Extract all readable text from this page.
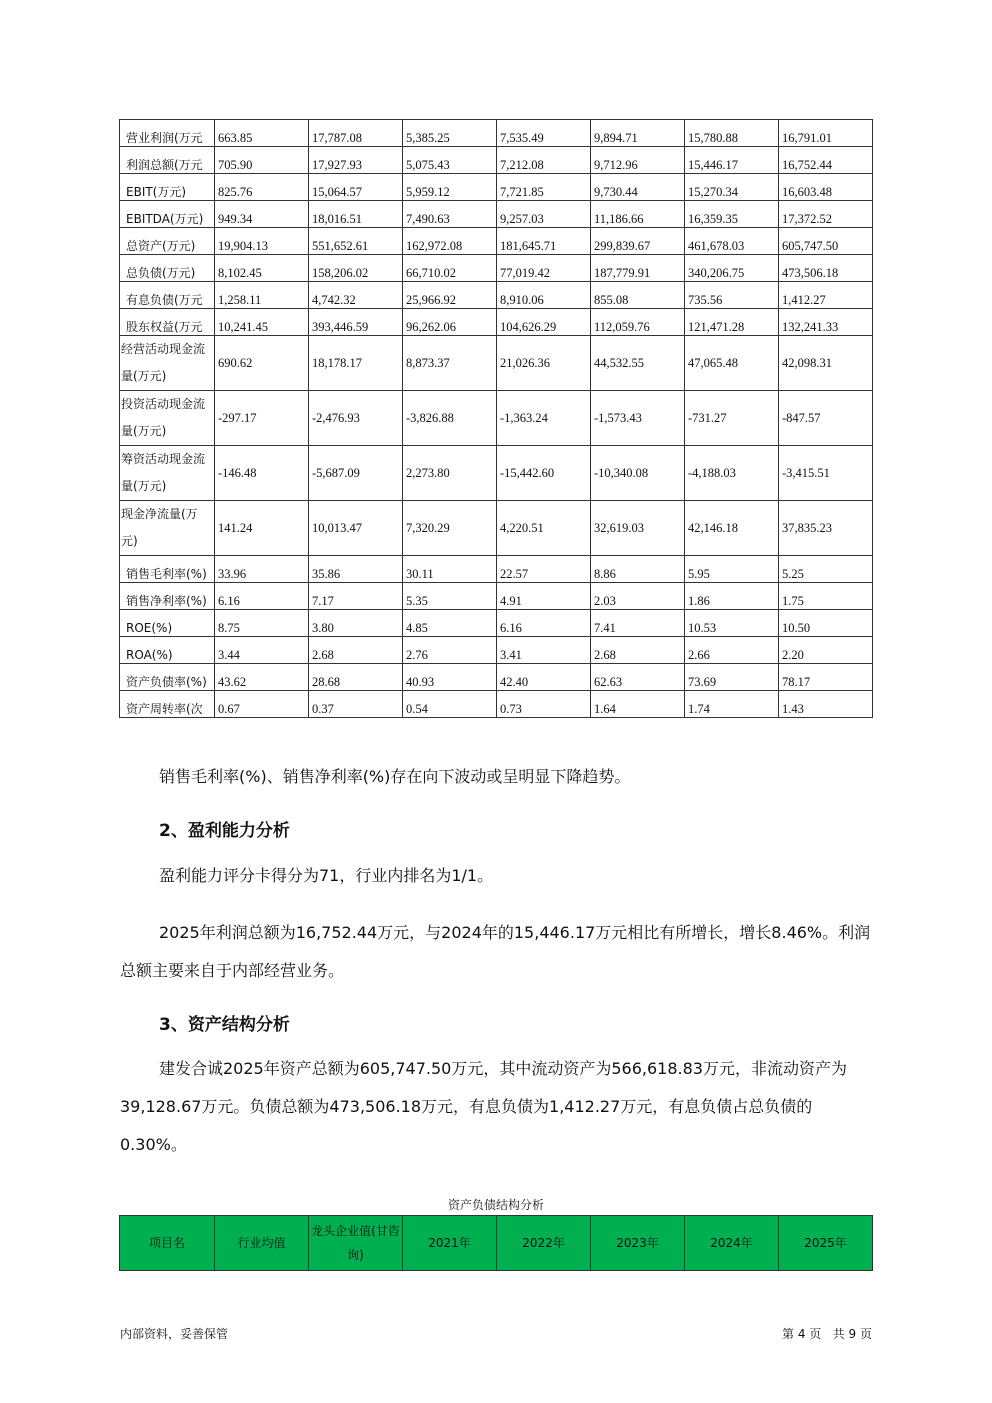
营业利润(万元	663.85	17,787.08	5,385.25	7,535.49	9,894.71	15,780.88	16,791.01
利润总额(万元	705.90	17,927.93	5,075.43	7,212.08	9,712.96	15,446.17	16,752.44
EBIT(万元)	825.76	15,064.57	5,959.12	7,721.85	9,730.44	15,270.34	16,603.48
EBITDA(万元)	949.34	18,016.51	7,490.63	9,257.03	11,186.66	16,359.35	17,372.52
总资产(万元)	19,904.13	551,652.61	162,972.08	181,645.71	299,839.67	461,678.03	605,747.50
总负债(万元)	8,102.45	158,206.02	66,710.02	77,019.42	187,779.91	340,206.75	473,506.18
有息负债(万元	1,258.11	4,742.32	25,966.92	8,910.06	855.08	735.56	1,412.27
股东权益(万元	10,241.45	393,446.59	96,262.06	104,626.29	112,059.76	121,471.28	132,241.33
经营活动现金流量(万元)	690.62	18,178.17	8,873.37	21,026.36	44,532.55	47,065.48	42,098.31
投资活动现金流量(万元)	-297.17	-2,476.93	-3,826.88	-1,363.24	-1,573.43	-731.27	-847.57
筹资活动现金流量(万元)	-146.48	-5,687.09	2,273.80	-15,442.60	-10,340.08	-4,188.03	-3,415.51
现金净流量(万元)	141.24	10,013.47	7,320.29	4,220.51	32,619.03	42,146.18	37,835.23
销售毛利率(%)	33.96	35.86	30.11	22.57	8.86	5.95	5.25
销售净利率(%)	6.16	7.17	5.35	4.91	2.03	1.86	1.75
ROE(%)	8.75	3.80	4.85	6.16	7.41	10.53	10.50
ROA(%)	3.44	2.68	2.76	3.41	2.68	2.66	2.20
资产负债率(%)	43.62	28.68	40.93	42.40	62.63	73.69	78.17
资产周转率(次	0.67	0.37	0.54	0.73	1.64	1.74	1.43
销售毛利率(%)、销售净利率(%)存在向下波动或呈明显下降趋势。
2、盈利能力分析
盈利能力评分卡得分为71，行业内排名为1/1。
2025年利润总额为16,752.44万元，与2024年的15,446.17万元相比有所增长，增长8.46%。利润总额主要来自于内部经营业务。
3、资产结构分析
建发合诚2025年资产总额为605,747.50万元，其中流动资产为566,618.83万元，非流动资产为39,128.67万元。负债总额为473,506.18万元，有息负债为1,412.27万元，有息负债占总负债的0.30%。
资产负债结构分析
项目名	行业均值	龙头企业值(甘咨询)	2021年	2022年	2023年	2024年	2025年
内部资料，妥善保管	第 4 页   共 9 页
